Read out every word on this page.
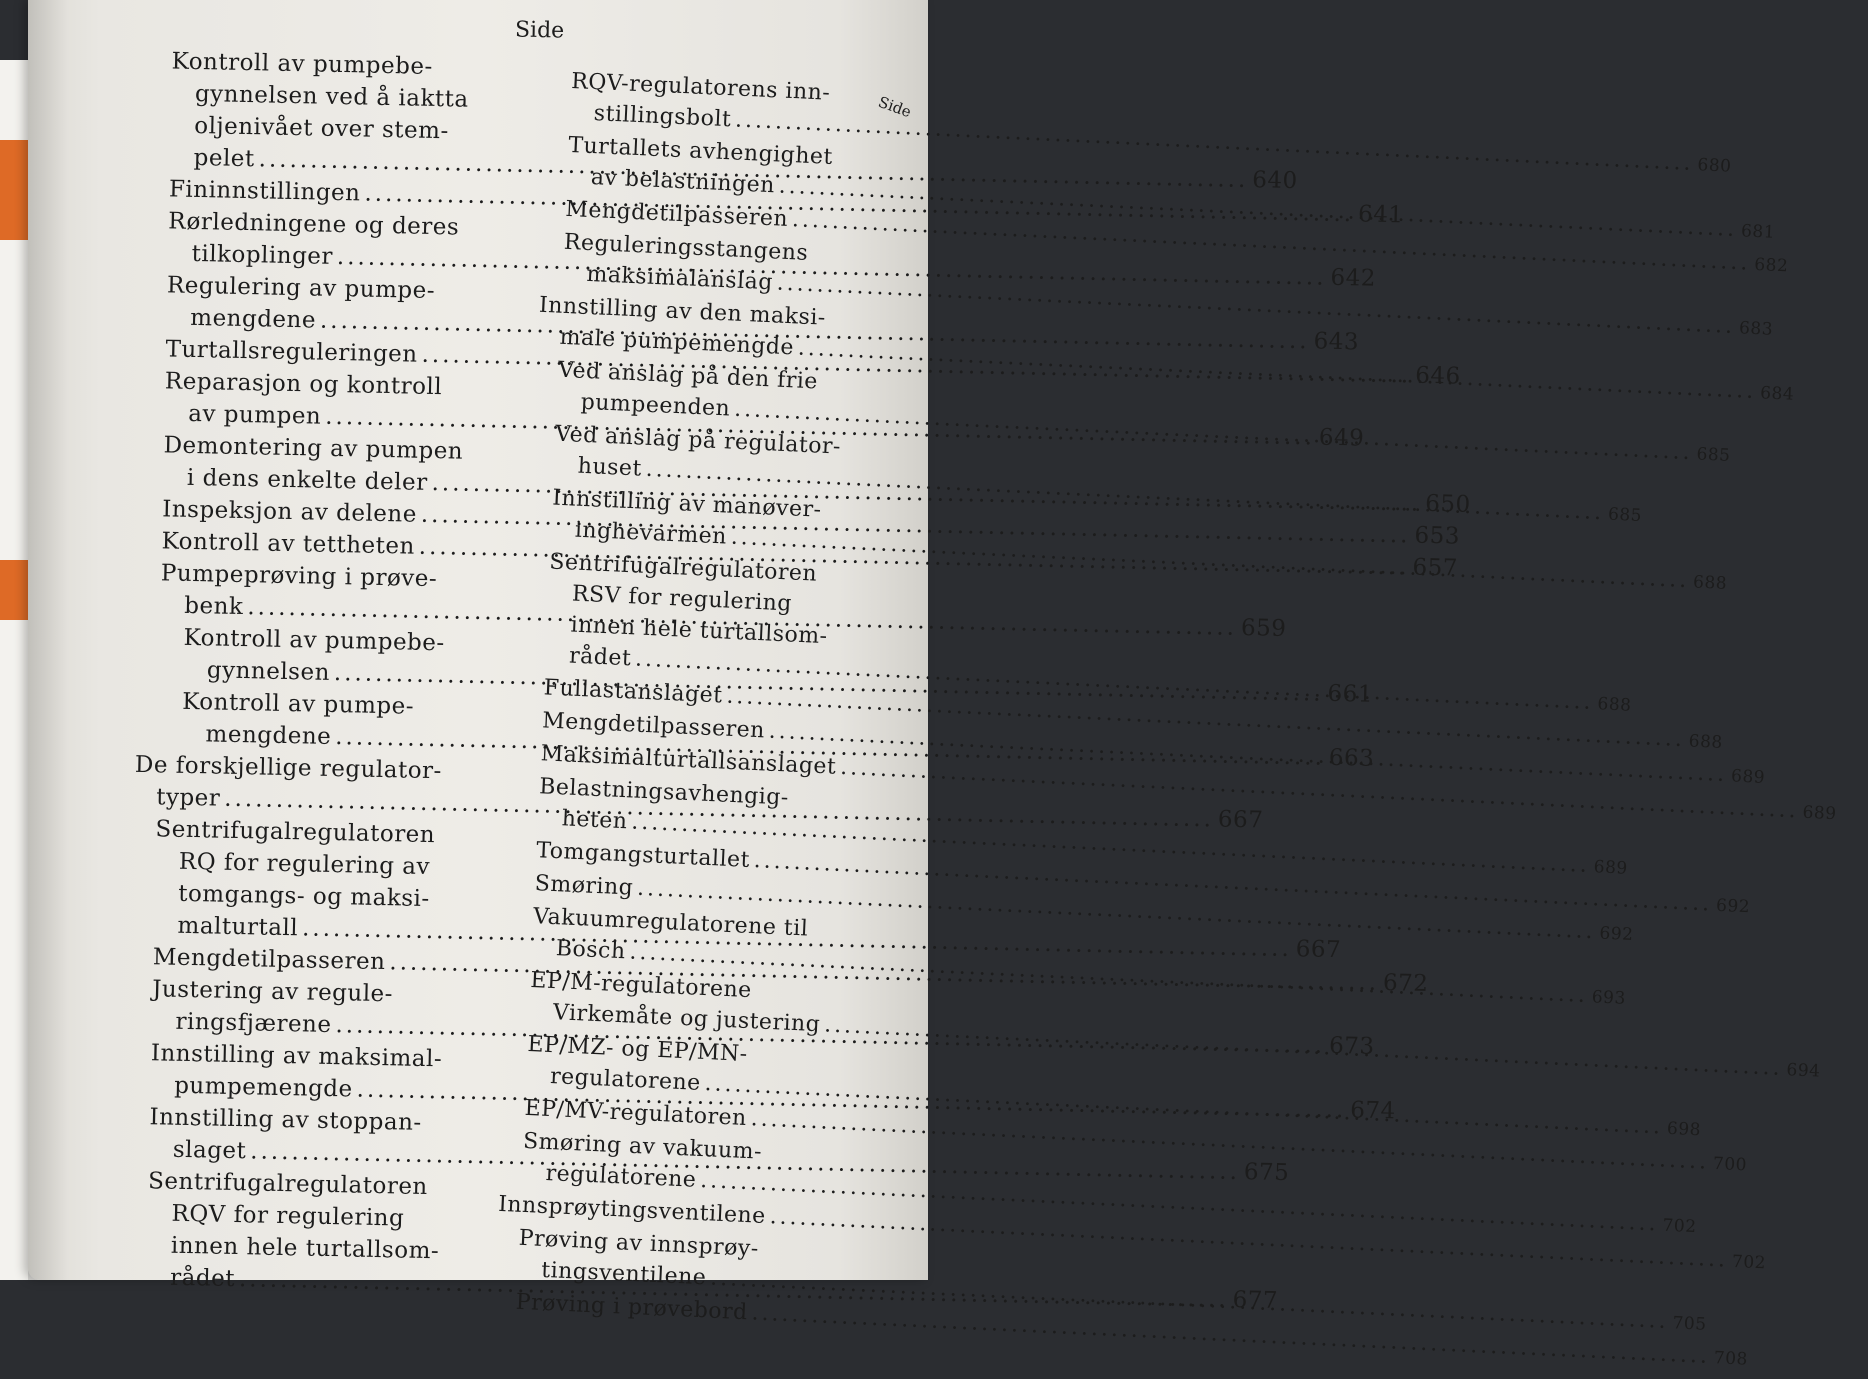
Side
Side
Kontroll av pumpebe-
gynnelsen ved å iaktta
oljenivået over stem-
pelet
.....
640
Fininnstillingen
.....
641
Rørledningene og deres
tilkoplinger
.....
642
Regulering av pumpe-
mengdene
.....
643
Turtallsreguleringen
.....
646
Reparasjon og kontroll
av pumpen
.....
649
Demontering av pumpen
i dens enkelte deler
.....
650
Inspeksjon av delene
.....
653
Kontroll av tettheten
.....
657
Pumpeprøving i prøve-
benk
.....
659
Kontroll av pumpebe-
gynnelsen
.....
661
Kontroll av pumpe-
mengdene
.....
663
De forskjellige regulator-
typer
.....
667
Sentrifugalregulatoren
RQ for regulering av
tomgangs- og maksi-
malturtall
.....
667
Mengdetilpasseren
.....
672
Justering av regule-
ringsfjærene
.....
673
Innstilling av maksimal-
pumpemengde
.....
674
Innstilling av stoppan-
slaget
.....
675
Sentrifugalregulatoren
RQV for regulering
innen hele turtallsom-
rådet
.....
677
RQV-regulatorens inn-
stillingsbolt
.....
680
Turtallets avhengighet
av belastningen
.....
681
Mengdetilpasseren
.....
682
Reguleringsstangens
maksimalanslag
.....
683
Innstilling av den maksi-
male pumpemengde
.....
684
Ved anslag på den frie
pumpeenden
.....
685
Ved anslag på regulator-
huset
.....
685
Innstilling av manøver-
inghevarmen
.....
688
Sentrifugalregulatoren
RSV for regulering
innen hele turtallsom-
rådet
.....
688
Fullastanslaget
.....
688
Mengdetilpasseren
.....
689
Maksimalturtallsanslaget
.....
689
Belastningsavhengig-
heten
.....
689
Tomgangsturtallet
.....
692
Smøring
.....
692
Vakuumregulatorene til
Bosch
.....
693
EP/M-regulatorene
Virkemåte og justering
.....
694
EP/MZ- og EP/MN-
regulatorene
.....
698
EP/MV-regulatoren
.....
700
Smøring av vakuum-
regulatorene
.....
702
Innsprøytingsventilene
.....
702
Prøving av innsprøy-
tingsventilene
.....
705
Prøving i prøvebord
.....
708
